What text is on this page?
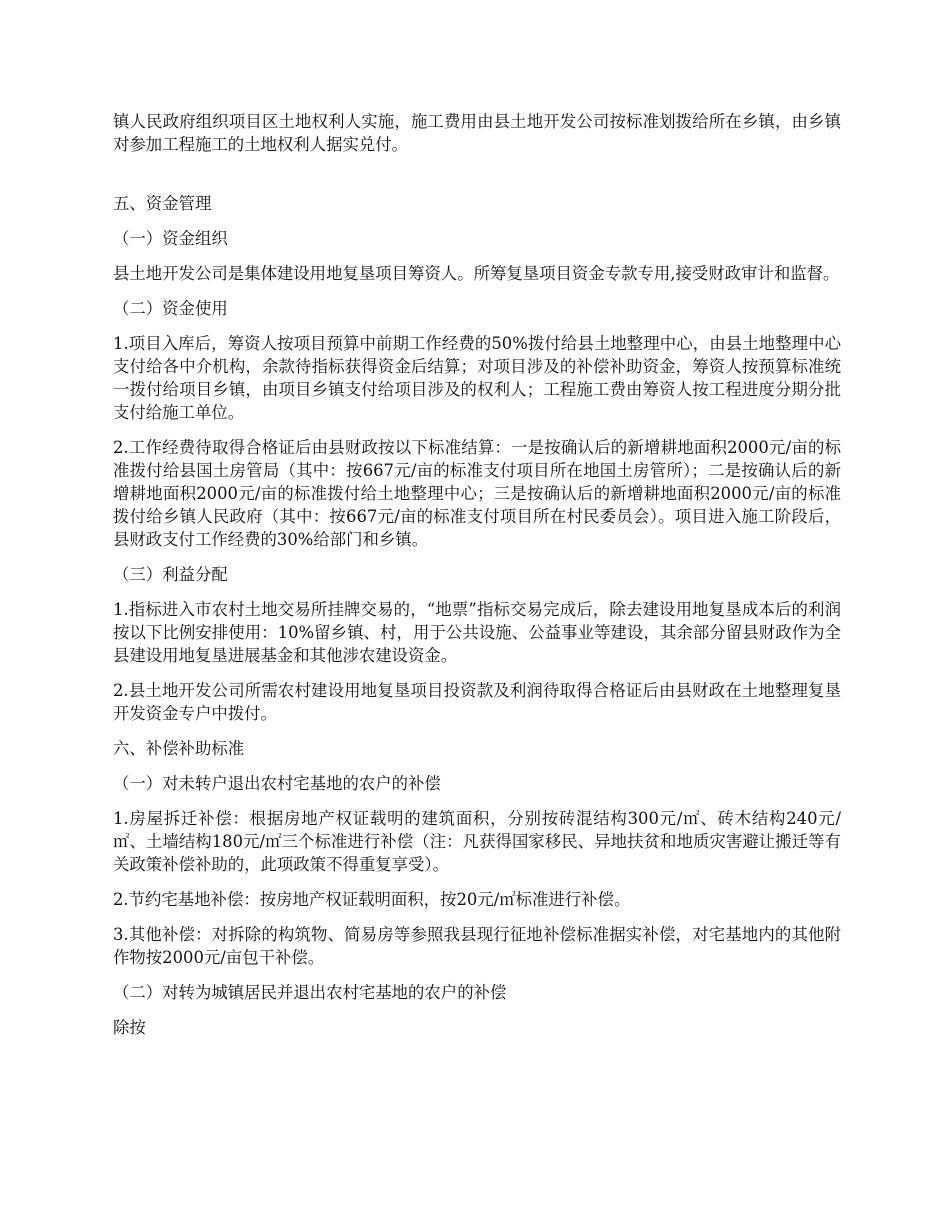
镇人民政府组织项目区土地权利人实施，施工费用由县土地开发公司按标准划拨给所在乡镇，由乡镇对参加工程施工的土地权利人据实兑付。

五、资金管理

（一）资金组织

县土地开发公司是集体建设用地复垦项目筹资人。所筹复垦项目资金专款专用,接受财政审计和监督。

（二）资金使用

1.项目入库后，筹资人按项目预算中前期工作经费的50%拨付给县土地整理中心，由县土地整理中心支付给各中介机构，余款待指标获得资金后结算；对项目涉及的补偿补助资金，筹资人按预算标准统一拨付给项目乡镇，由项目乡镇支付给项目涉及的权利人；工程施工费由筹资人按工程进度分期分批支付给施工单位。

2.工作经费待取得合格证后由县财政按以下标准结算：一是按确认后的新增耕地面积2000元/亩的标准拨付给县国土房管局（其中：按667元/亩的标准支付项目所在地国土房管所）；二是按确认后的新增耕地面积2000元/亩的标准拨付给土地整理中心；三是按确认后的新增耕地面积2000元/亩的标准拨付给乡镇人民政府（其中：按667元/亩的标准支付项目所在村民委员会）。项目进入施工阶段后，县财政支付工作经费的30%给部门和乡镇。

（三）利益分配

1.指标进入市农村土地交易所挂牌交易的，“地票”指标交易完成后，除去建设用地复垦成本后的利润按以下比例安排使用：10%留乡镇、村，用于公共设施、公益事业等建设，其余部分留县财政作为全县建设用地复垦进展基金和其他涉农建设资金。

2.县土地开发公司所需农村建设用地复垦项目投资款及利润待取得合格证后由县财政在土地整理复垦开发资金专户中拨付。

六、补偿补助标准

（一）对未转户退出农村宅基地的农户的补偿

1.房屋拆迁补偿：根据房地产权证载明的建筑面积，分别按砖混结构300元/㎡、砖木结构240元/㎡、土墙结构180元/㎡三个标准进行补偿（注：凡获得国家移民、异地扶贫和地质灾害避让搬迁等有关政策补偿补助的，此项政策不得重复享受）。

2.节约宅基地补偿：按房地产权证载明面积，按20元/㎡标准进行补偿。

3.其他补偿：对拆除的构筑物、简易房等参照我县现行征地补偿标准据实补偿，对宅基地内的其他附作物按2000元/亩包干补偿。

（二）对转为城镇居民并退出农村宅基地的农户的补偿

除按
